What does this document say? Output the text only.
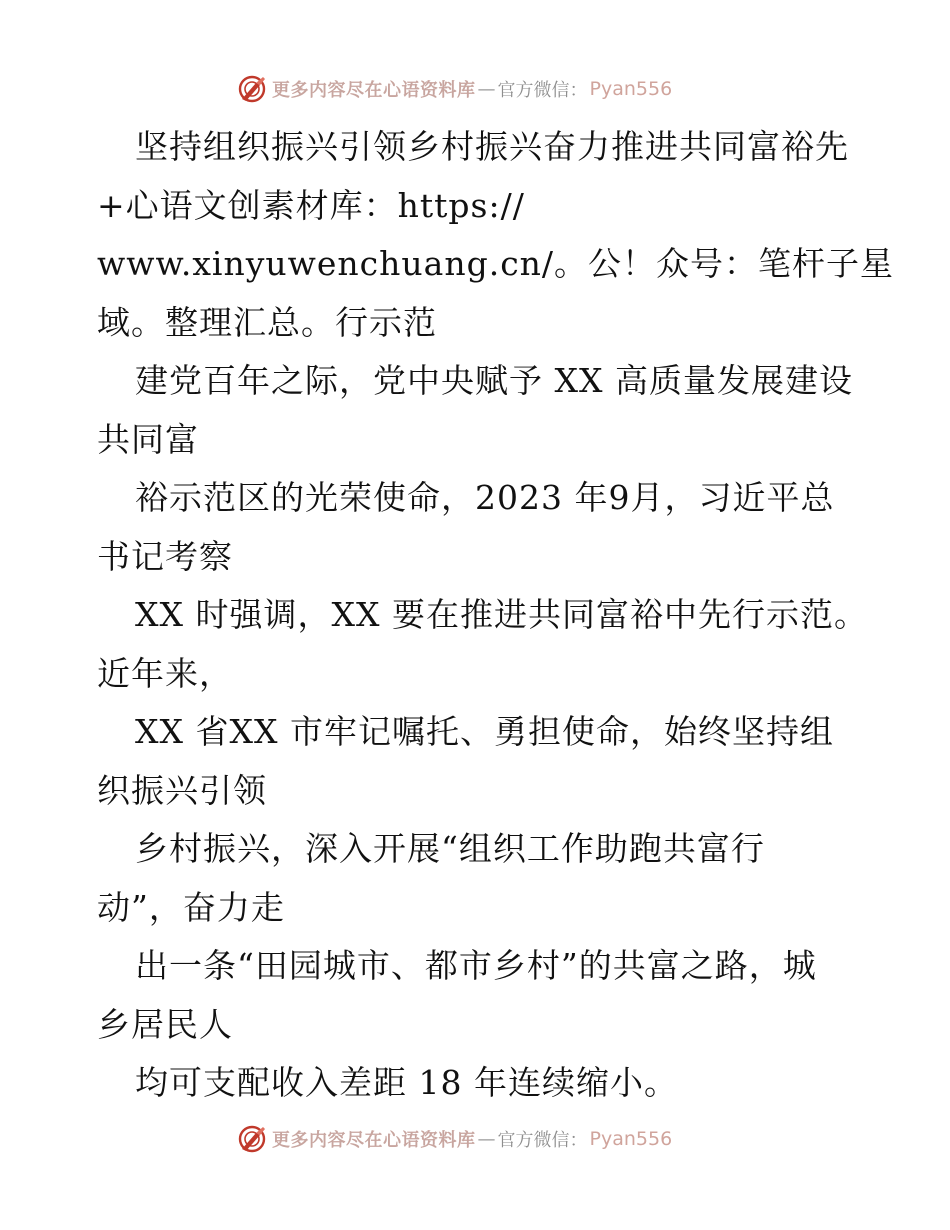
更多内容尽在心语资料库 — 官方微信： Pyan556
坚持组织振兴引领乡村振兴奋力推进共同富裕先
+心语文创素材库：https://
www.xinyuwenchuang.cn/。公！众号：笔杆子星
域。整理汇总。行示范
建党百年之际，党中央赋予 XX 高质量发展建设
共同富
裕示范区的光荣使命，2023 年9月，习近平总
书记考察
XX 时强调，XX 要在推进共同富裕中先行示范。
近年来，
XX 省XX 市牢记嘱托、勇担使命，始终坚持组
织振兴引领
乡村振兴，深入开展“组织工作助跑共富行
动”，奋力走
出一条“田园城市、都市乡村”的共富之路，城
乡居民人
均可支配收入差距 18 年连续缩小。
更多内容尽在心语资料库 — 官方微信： Pyan556
